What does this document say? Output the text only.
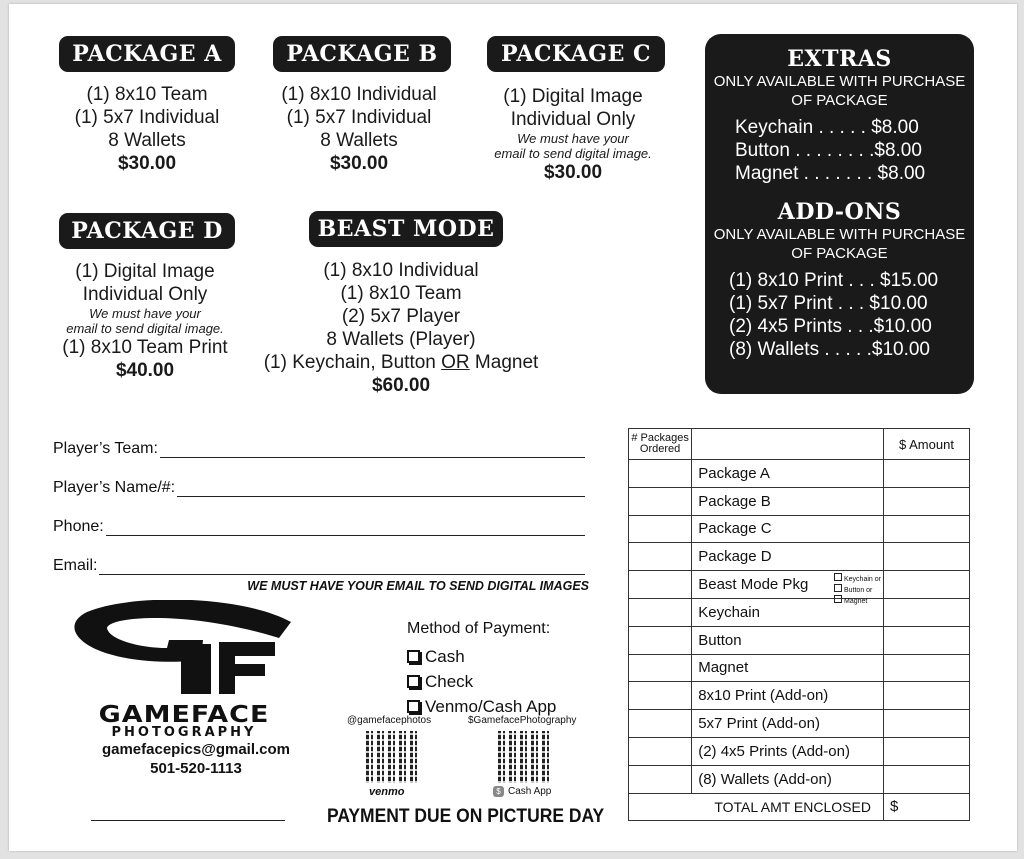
PACKAGE A
(1) 8x10 Team
(1) 5x7 Individual
8 Wallets
$30.00
PACKAGE B
(1) 8x10 Individual
(1) 5x7 Individual
8 Wallets
$30.00
PACKAGE C
(1) Digital Image
Individual Only
We must have your
email to send digital image.
$30.00
PACKAGE D
(1) Digital Image
Individual Only
We must have your
email to send digital image.
(1) 8x10 Team Print
$40.00
BEAST MODE
(1) 8x10 Individual
(1) 8x10 Team
(2) 5x7 Player
8 Wallets (Player)
(1) Keychain, Button OR Magnet
$60.00
EXTRAS
ONLY AVAILABLE WITH PURCHASE
OF PACKAGE
Keychain . . . . . $8.00
Button . . . . . . . .$8.00
Magnet . . . . . . . $8.00
ADD-ONS
ONLY AVAILABLE WITH PURCHASE
OF PACKAGE
(1) 8x10 Print . . . $15.00
(1) 5x7 Print . . . $10.00
(2) 4x5 Prints . . .$10.00
(8) Wallets . . . . .$10.00
Player’s Team:
Player’s Name/#:
Phone:
Email:
WE MUST HAVE YOUR EMAIL TO SEND DIGITAL IMAGES
GAMEFACE
PHOTOGRAPHY
gamefacepics@gmail.com
501-520-1113
Method of Payment:
Cash
Check
Venmo/Cash App
@gamefacephotos	$GamefacePhotography
venmo	$ Cash App
PAYMENT DUE ON PICTURE DAY
# Packages Ordered		$ Amount
	Package A	
	Package B	
	Package C	
	Package D	
	Beast Mode Pkg Keychain or
Button or
Magnet	

	Keychain	
	Button	
	Magnet	
	8x10 Print (Add-on)	
	5x7 Print (Add-on)	
	(2) 4x5 Prints (Add-on)	
	(8) Wallets (Add-on)	
TOTAL AMT ENCLOSED		$
